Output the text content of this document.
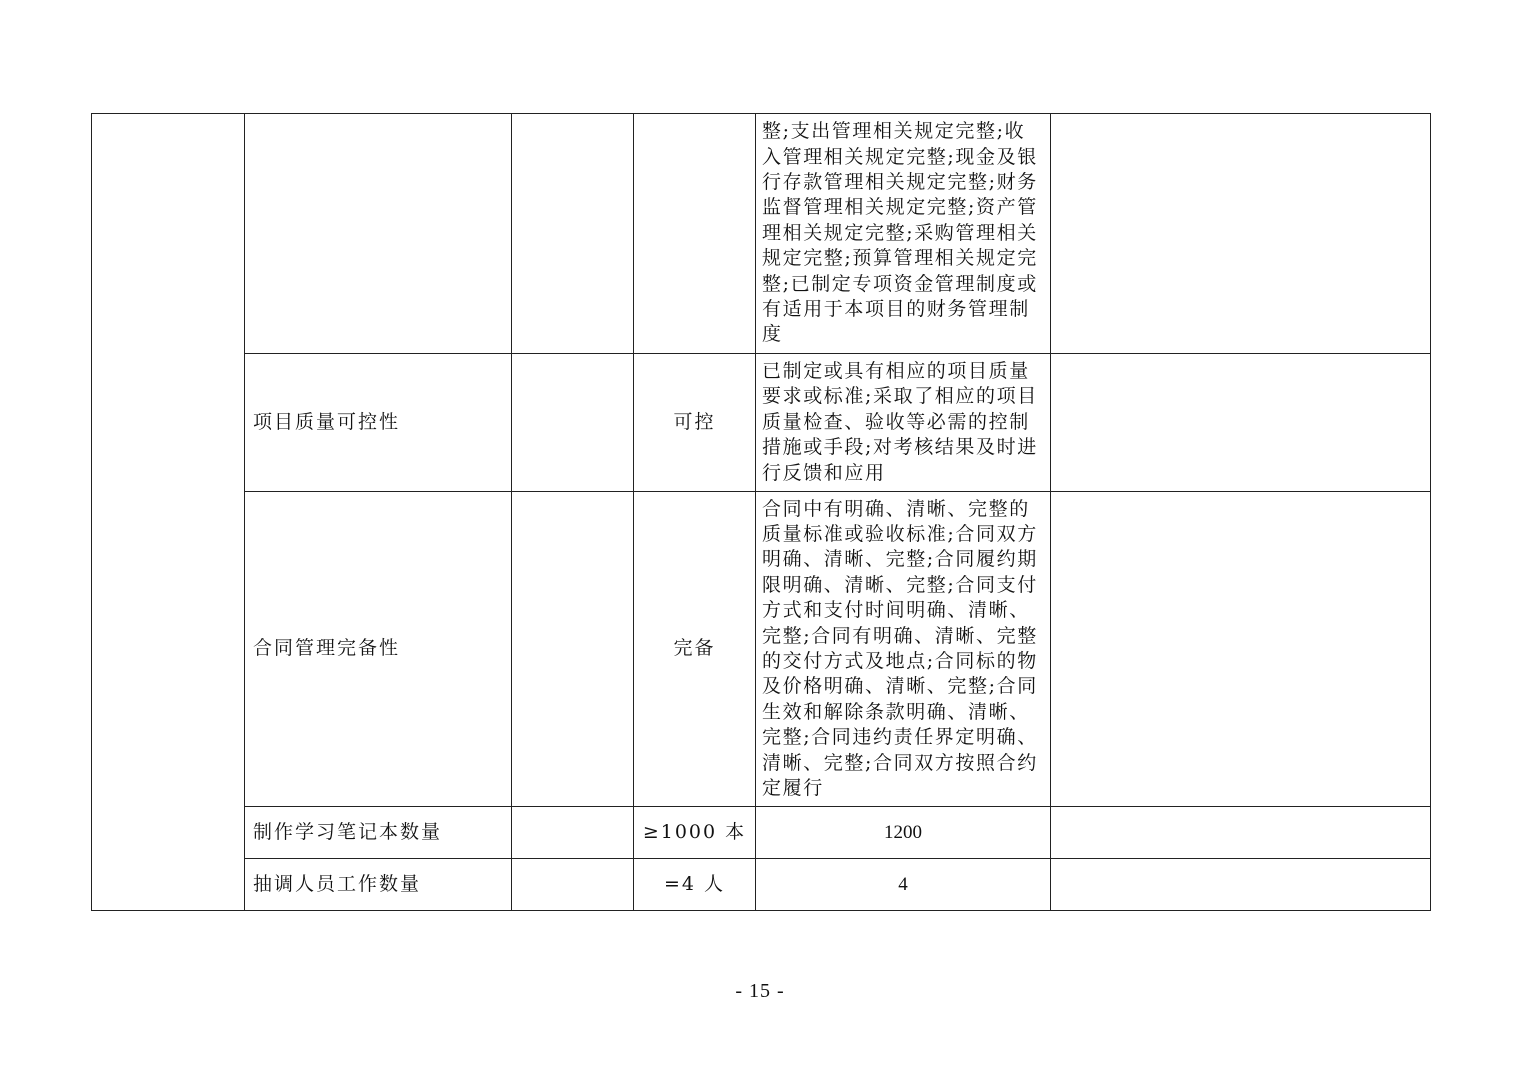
				整;支出管理相关规定完整;收入管理相关规定完整;现金及银行存款管理相关规定完整;财务监督管理相关规定完整;资产管理相关规定完整;采购管理相关规定完整;预算管理相关规定完整;已制定专项资金管理制度或有适用于本项目的财务管理制度	
	项目质量可控性		可控	已制定或具有相应的项目质量要求或标准;采取了相应的项目质量检查、验收等必需的控制措施或手段;对考核结果及时进行反馈和应用	
	合同管理完备性		完备	合同中有明确、清晰、完整的质量标准或验收标准;合同双方明确、清晰、完整;合同履约期限明确、清晰、完整;合同支付方式和支付时间明确、清晰、完整;合同有明确、清晰、完整的交付方式及地点;合同标的物及价格明确、清晰、完整;合同生效和解除条款明确、清晰、完整;合同违约责任界定明确、清晰、完整;合同双方按照合约定履行	
	制作学习笔记本数量		≥1000 本	1200	
	抽调人员工作数量		=4 人	4	
- 15 -
